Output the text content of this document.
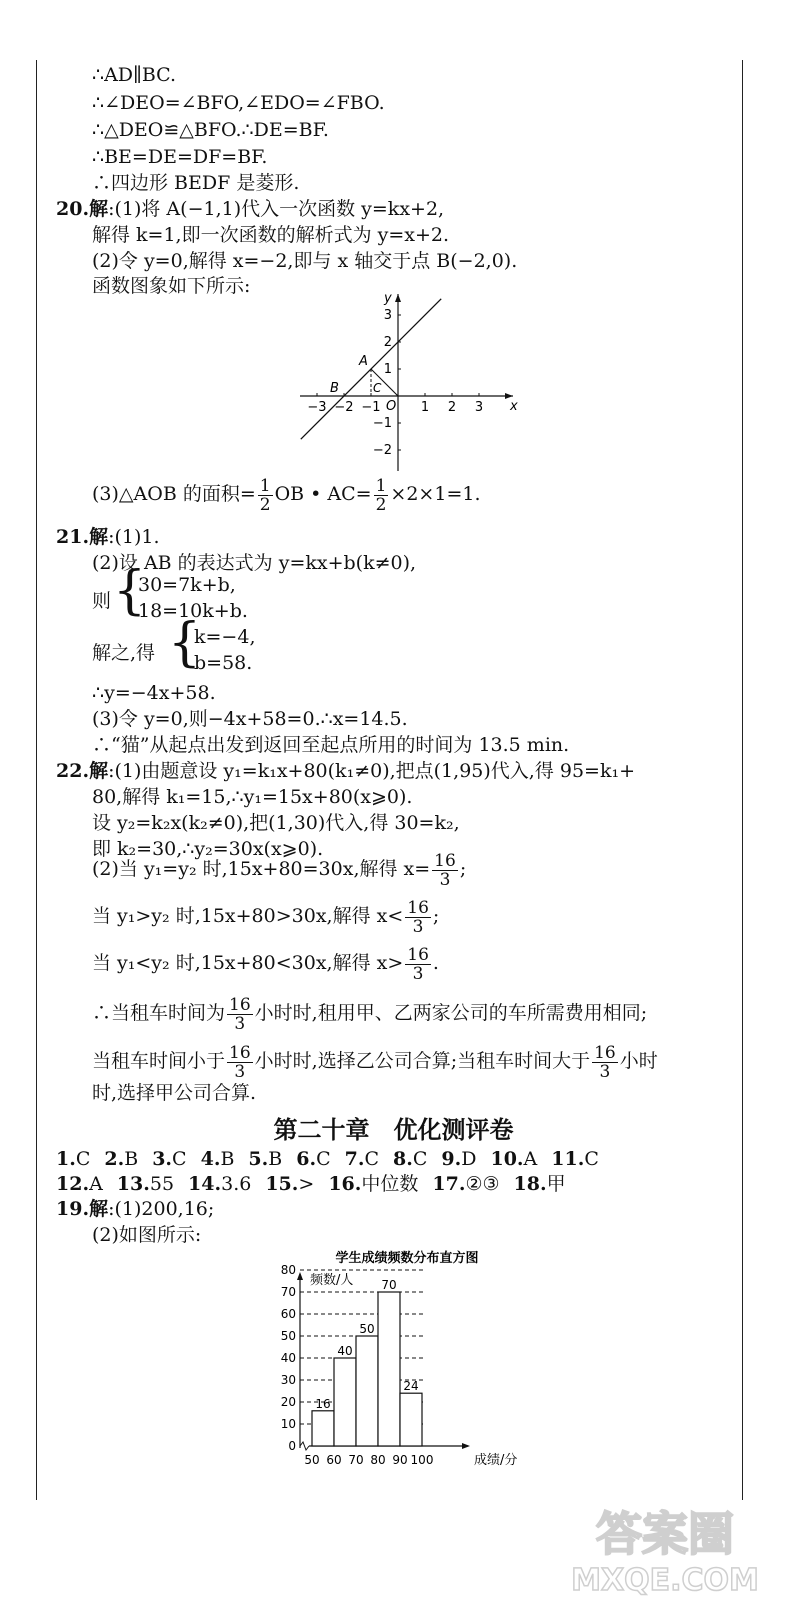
∴AD∥BC.
∴∠DEO=∠BFO,∠EDO=∠FBO.
∴△DEO≌△BFO.∴DE=BF.
∴BE=DE=DF=BF.
∴四边形 BEDF 是菱形.
20.解:(1)将 A(−1,1)代入一次函数 y=kx+2,
解得 k=1,即一次函数的解析式为 y=x+2.
(2)令 y=0,解得 x=−2,即与 x 轴交于点 B(−2,0).
函数图象如下所示:
x
y
O
−3 −2 −1	1 2 3
3
2
1
−1
−2
A
B	C
(3)△AOB 的面积= $\frac{1}{2}$ OB • $AC= \frac{1}{2} \times 2\times 1=1$.
21.解:(1)1.
(2)设 AB 的表达式为 y=kx+b(k≠0),
则 {
30=7k+b,
18=10k+b.
解之,得 {
k=−4,
b=58.
∴y=−4x+58.
(3)令 y=0,则−4x+58=0.∴x=14.5.
∴“猫”从起点出发到返回至起点所用的时间为 13.5 min.
22.解:(1)由题意设 y₁=k₁x+80(k₁≠0),把点(1,95)代入,得 95=k₁+
80,解得 k₁=15,∴y₁=15x+80(x⩾0).
设 y₂=k₂x(k₂≠0),把(1,30)代入,得 30=k₂,
即 k₂=30,∴y₂=30x(x⩾0).
(2)当 y₁=y₂ 时,15x+80=30x,解得 $x= \frac{16}{3}$ ;
当 y₁>y₂ 时,15x+80>30x,解得 $x< \frac{16}{3}$ ;
当 y₁<y₂ 时,15x+80<30x,解得 $x> \frac{16}{3}$ .
∴当租车时间为 $\frac{16}{3}$ 小时时,租用甲、乙两家公司的车所需费用相同;
当租车时间小于 $\frac{16}{3}$ 小时时,选择乙公司合算;当租车时间大于 $\frac{16}{3}$ 小时
时,选择甲公司合算.
第二十章　优化测评卷
1.C 2.B 3.C 4.B 5.B 6.C 7.C 8.C 9.D 10.A 11.C
12.A 13.55 14.3.6 15.> 16.中位数 17.②③ 18.甲
19.解:(1)200,16;
(2)如图所示:
学生成绩频数分布直方图
频数/人
成绩/分
0
10
20
30
40
50
60
70
80
16
40
50
70
24
50 60 70 80 90 100
答案圈
MXQE.COM
